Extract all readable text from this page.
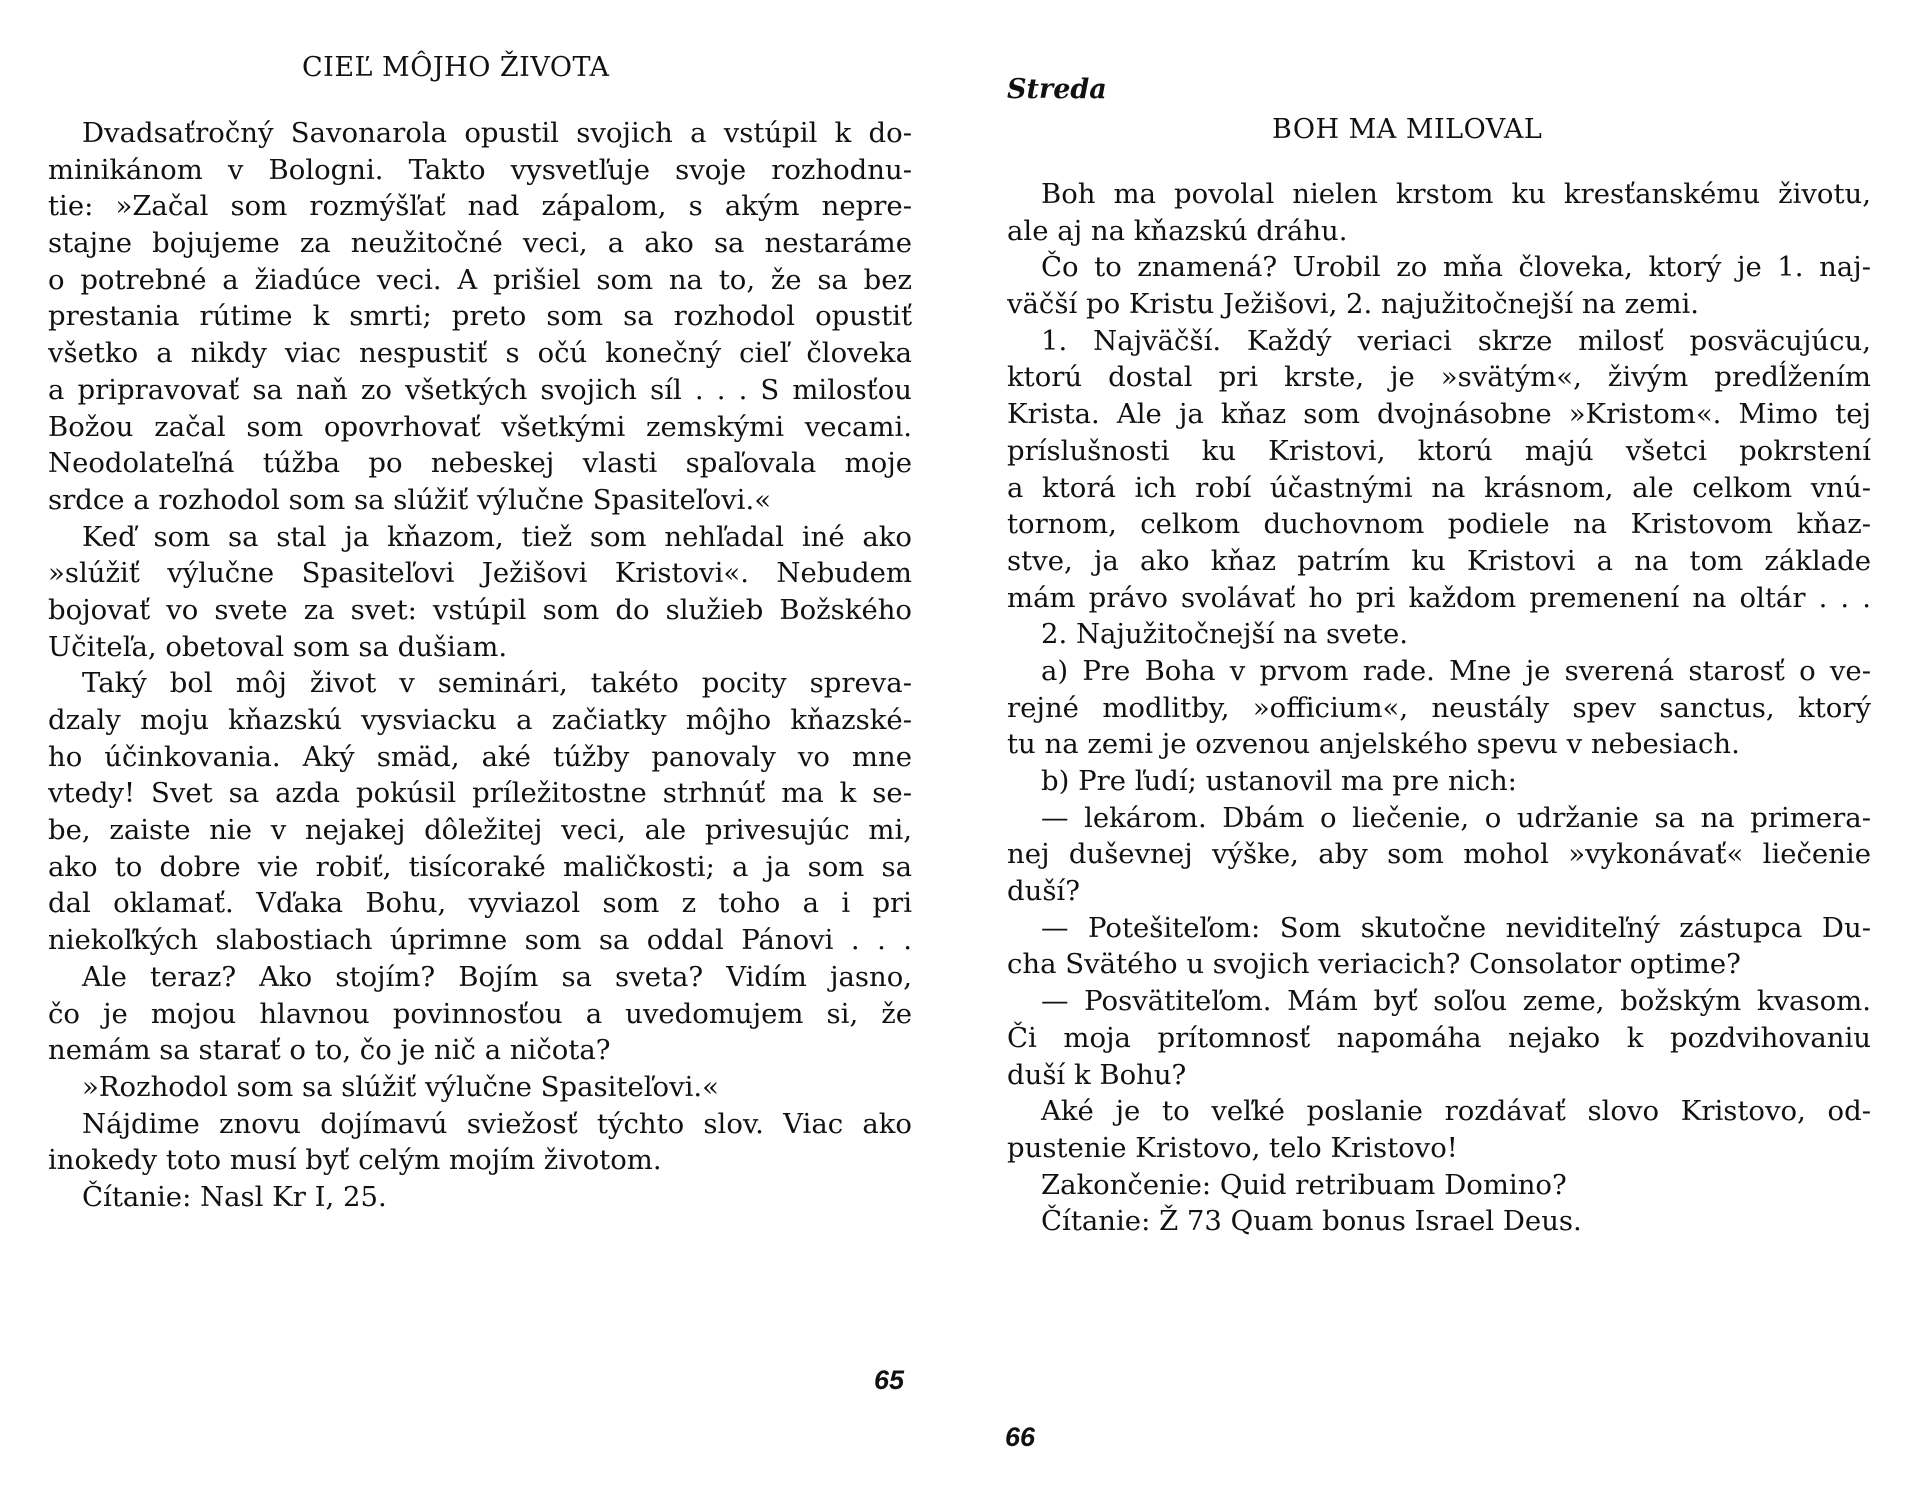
CIEĽ MÔJHO ŽIVOTA
Dvadsaťročný Savonarola opustil svojich a vstúpil k do-
minikánom v Bologni. Takto vysvetľuje svoje rozhodnu-
tie: »Začal som rozmýšľať nad zápalom, s akým nepre-
stajne bojujeme za neužitočné veci, a ako sa nestaráme
o potrebné a žiadúce veci. A prišiel som na to, že sa bez
prestania rútime k smrti; preto som sa rozhodol opustiť
všetko a nikdy viac nespustiť s očú konečný cieľ človeka
a pripravovať sa naň zo všetkých svojich síl . . . S milosťou
Božou začal som opovrhovať všetkými zemskými vecami.
Neodolateľná túžba po nebeskej vlasti spaľovala moje
srdce a rozhodol som sa slúžiť výlučne Spasiteľovi.«
Keď som sa stal ja kňazom, tiež som nehľadal iné ako
»slúžiť výlučne Spasiteľovi Ježišovi Kristovi«. Nebudem
bojovať vo svete za svet: vstúpil som do služieb Božského
Učiteľa, obetoval som sa dušiam.
Taký bol môj život v seminári, takéto pocity spreva-
dzaly moju kňazskú vysviacku a začiatky môjho kňazské-
ho účinkovania. Aký smäd, aké túžby panovaly vo mne
vtedy! Svet sa azda pokúsil príležitostne strhnúť ma k se-
be, zaiste nie v nejakej dôležitej veci, ale privesujúc mi,
ako to dobre vie robiť, tisícoraké maličkosti; a ja som sa
dal oklamať. Vďaka Bohu, vyviazol som z toho a i pri
niekoľkých slabostiach úprimne som sa oddal Pánovi . . .
Ale teraz? Ako stojím? Bojím sa sveta? Vidím jasno,
čo je mojou hlavnou povinnosťou a uvedomujem si, že
nemám sa starať o to, čo je nič a ničota?
»Rozhodol som sa slúžiť výlučne Spasiteľovi.«
Nájdime znovu dojímavú sviežosť týchto slov. Viac ako
inokedy toto musí byť celým mojím životom.
Čítanie: Nasl Kr I, 25.
65
Streda
BOH MA MILOVAL
Boh ma povolal nielen krstom ku kresťanskému životu,
ale aj na kňazskú dráhu.
Čo to znamená? Urobil zo mňa človeka, ktorý je 1. naj-
väčší po Kristu Ježišovi, 2. najužitočnejší na zemi.
1. Najväčší. Každý veriaci skrze milosť posväcujúcu,
ktorú dostal pri krste, je »svätým«, živým predĺžením
Krista. Ale ja kňaz som dvojnásobne »Kristom«. Mimo tej
príslušnosti ku Kristovi, ktorú majú všetci pokrstení
a ktorá ich robí účastnými na krásnom, ale celkom vnú-
tornom, celkom duchovnom podiele na Kristovom kňaz-
stve, ja ako kňaz patrím ku Kristovi a na tom základe
mám právo svolávať ho pri každom premenení na oltár . . .
2. Najužitočnejší na svete.
a) Pre Boha v prvom rade. Mne je sverená starosť o ve-
rejné modlitby, »officium«, neustály spev sanctus, ktorý
tu na zemi je ozvenou anjelského spevu v nebesiach.
b) Pre ľudí; ustanovil ma pre nich:
— lekárom. Dbám o liečenie, o udržanie sa na primera-
nej duševnej výške, aby som mohol »vykonávať« liečenie
duší?
— Potešiteľom: Som skutočne neviditeľný zástupca Du-
cha Svätého u svojich veriacich? Consolator optime?
— Posvätiteľom. Mám byť soľou zeme, božským kvasom.
Či moja prítomnosť napomáha nejako k pozdvihovaniu
duší k Bohu?
Aké je to veľké poslanie rozdávať slovo Kristovo, od-
pustenie Kristovo, telo Kristovo!
Zakončenie: Quid retribuam Domino?
Čítanie: Ž 73 Quam bonus Israel Deus.
66
